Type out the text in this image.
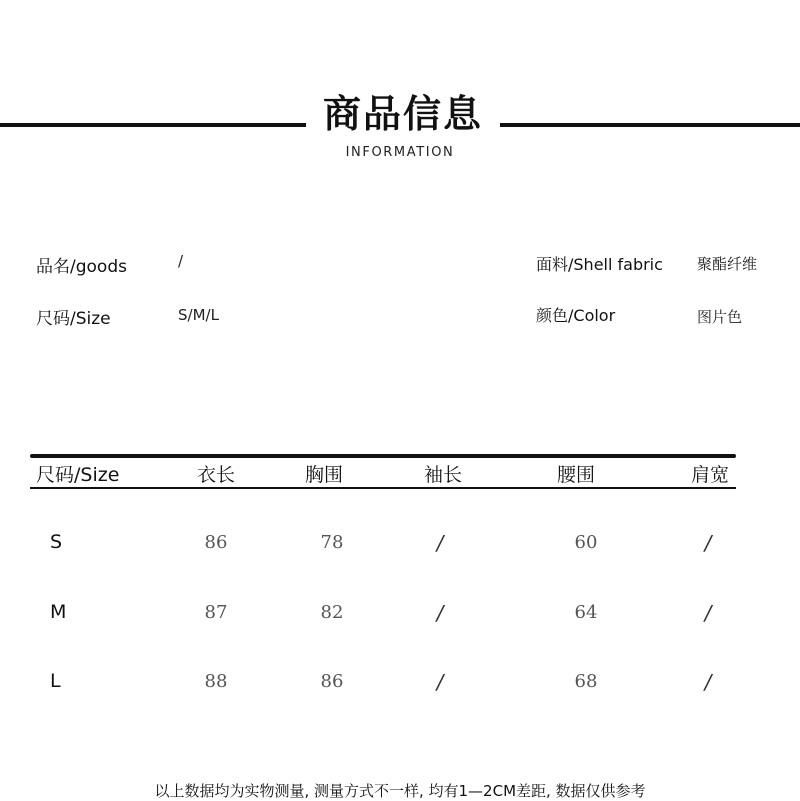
商品信息
INFORMATION
品名/goods	/	面料/Shell fabric 聚酯纤维
尺码/Size	S/M/L	颜色/Color	图片色
尺码/Size	衣长	胸围	袖长	腰围	肩宽
S	86	78	/	60	/
M	87	82	/	64	/
L	88	86	/	68	/
以上数据均为实物测量, 测量方式不一样, 均有1—2CM差距, 数据仅供参考
